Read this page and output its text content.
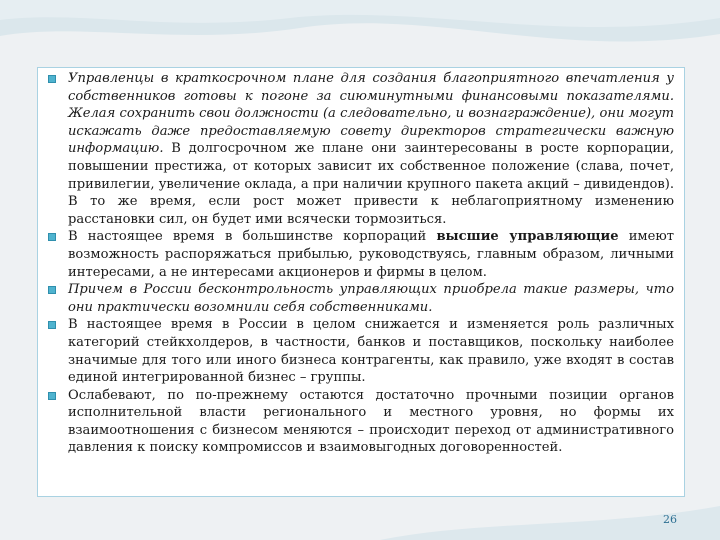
Управленцы в краткосрочном плане для создания благоприятного впечатления у собственников готовы к погоне за сиюминутными финансовыми показателями. Желая сохранить свои должности (а следовательно, и вознаграждение), они могут искажать даже предоставляемую совету директоров стратегически важную информацию. В долгосрочном же плане они заинтересованы в росте корпорации, повышении престижа, от которых зависит их собственное положение (слава, почет, привилегии, увеличение оклада, а при наличии крупного пакета акций – дивидендов). В то же время, если рост может привести к неблагоприятному изменению расстановки сил, он будет ими всячески тормозиться.
В настоящее время в большинстве корпораций высшие управляющие имеют возможность распоряжаться прибылью, руководствуясь, главным образом, личными интересами, а не интересами акционеров и фирмы в целом.
Причем в России бесконтрольность управляющих приобрела такие размеры, что они практически возомнили себя собственниками.
В настоящее время в России в целом снижается и изменяется роль различных категорий стейкхолдеров, в частности, банков и поставщиков, поскольку наиболее значимые для того или иного бизнеса контрагенты, как правило, уже входят в состав единой интегрированной бизнес – группы.
Ослабевают, по по-прежнему остаются достаточно прочными позиции органов исполнительной власти регионального и местного уровня, но формы их взаимоотношения с бизнесом меняются – происходит переход от административного давления к поиску компромиссов и взаимовыгодных договоренностей.
26
